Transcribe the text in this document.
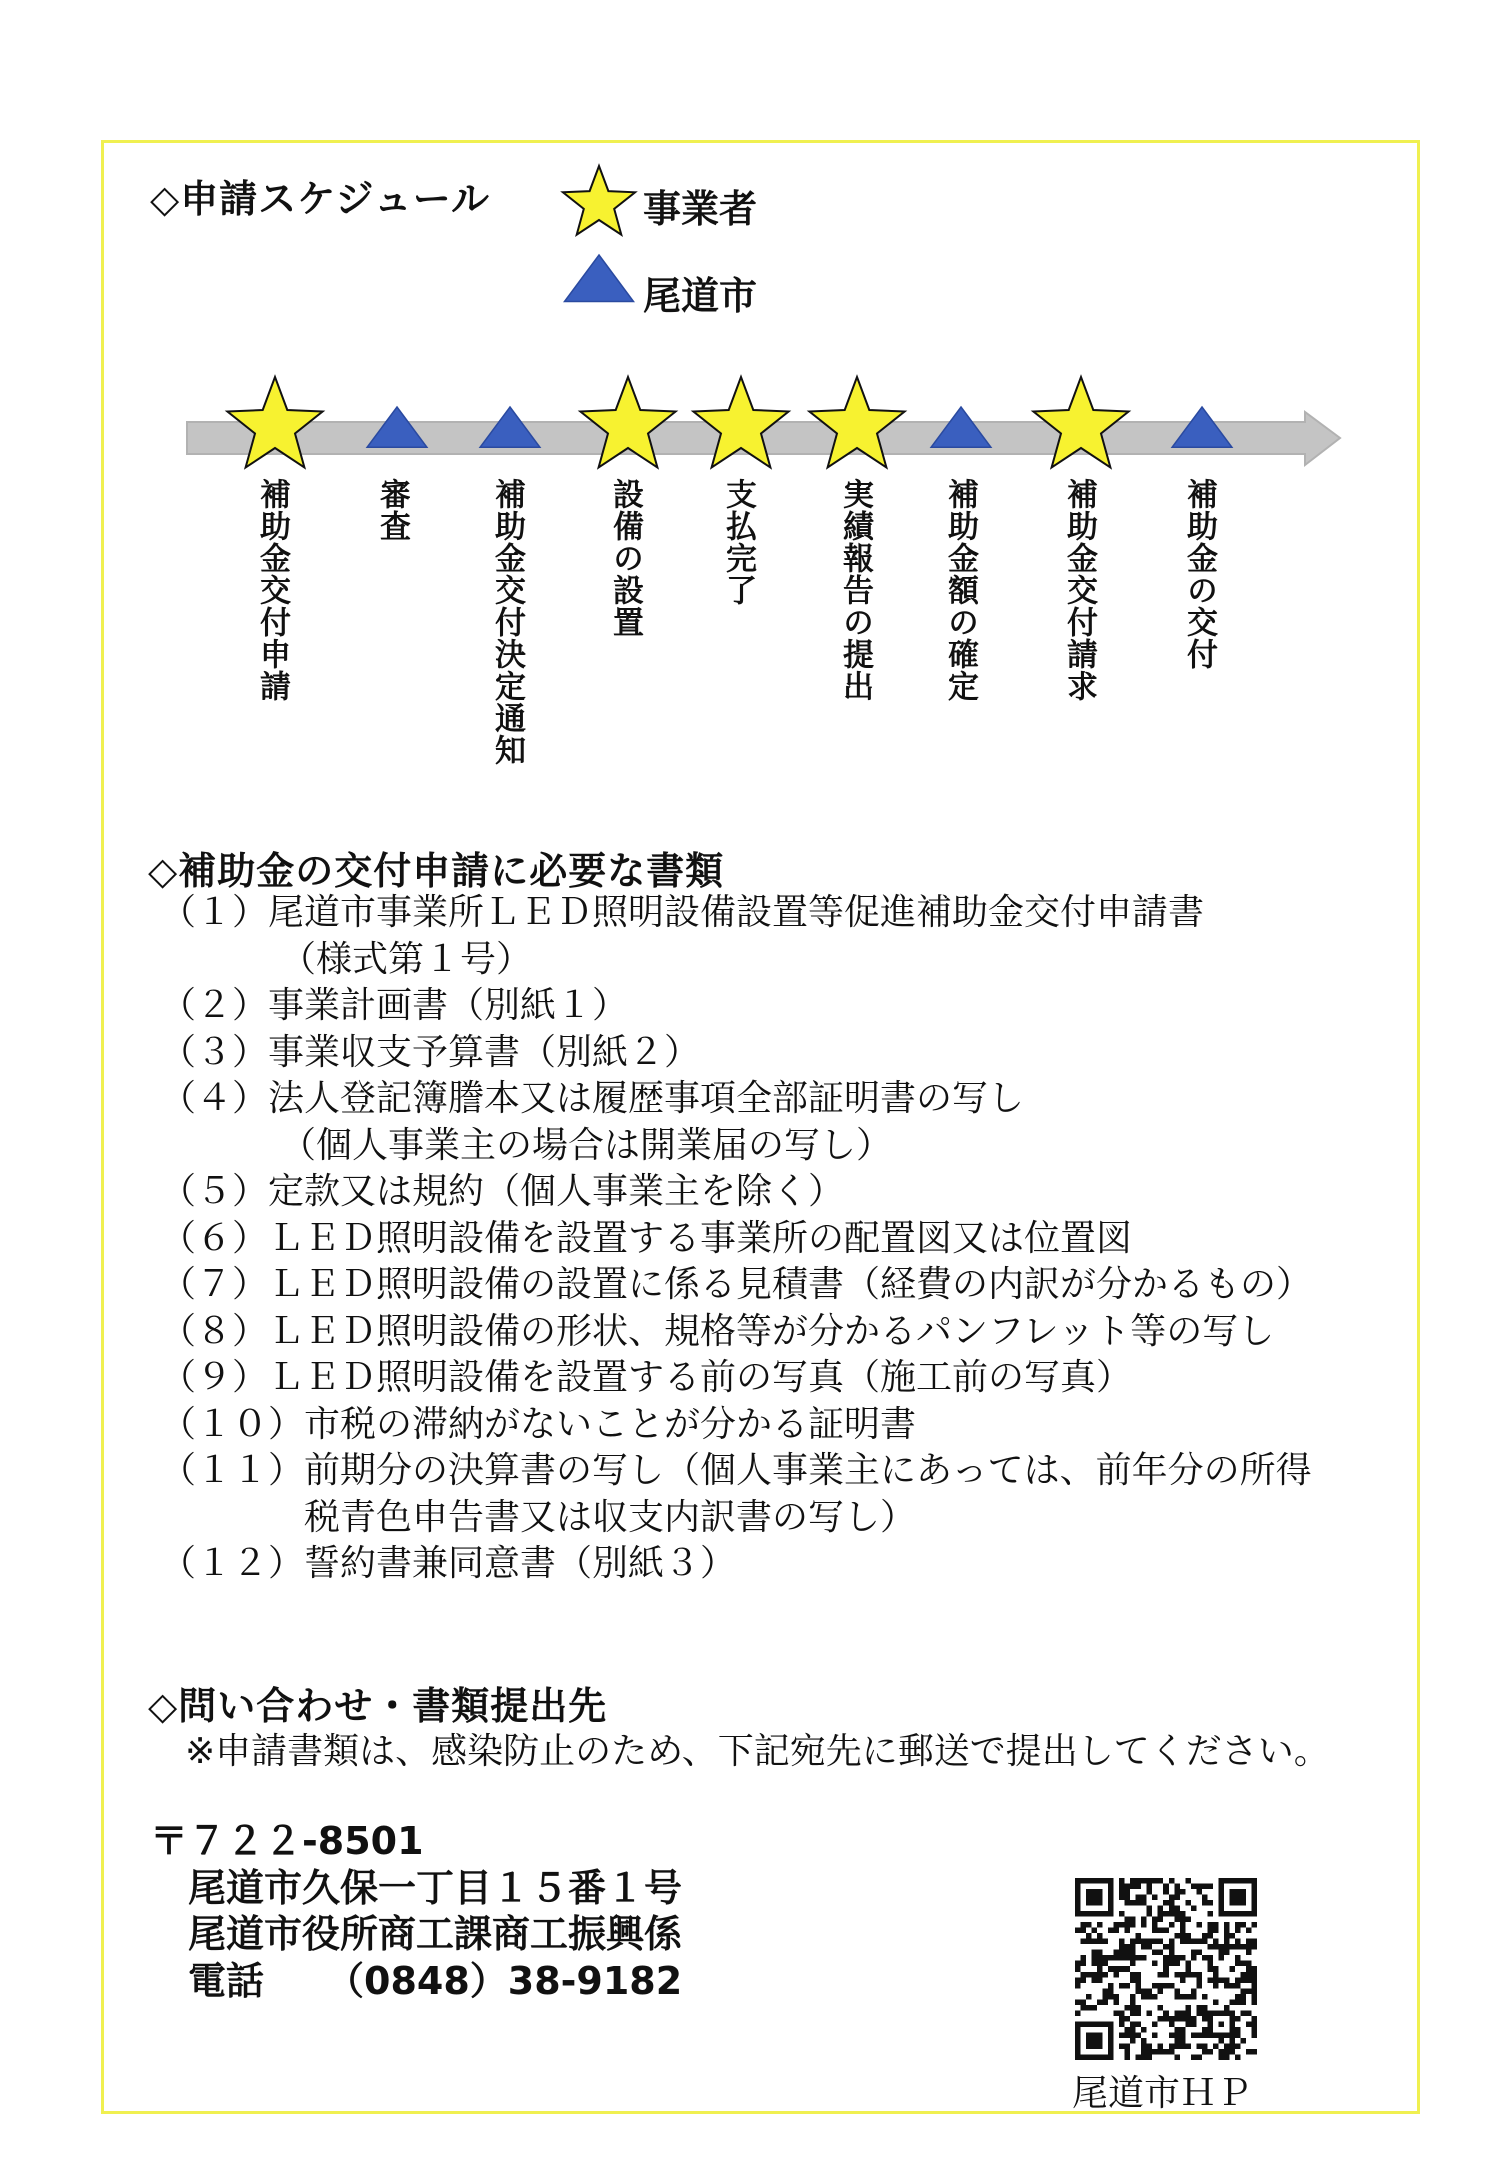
◇申請スケジュール	事業者
尾道市
補助金交付申請	審査	補助金交付決定通知	設備の設置 支払完了	実績報告の提出 補助金額の確定	補助金交付請求	補助金の交付
◇補助金の交付申請に必要な書類
（１） 尾道市事業所ＬＥＤ照明設備設置等促進補助金交付申請書
（様式第１号）
（２） 事業計画書（別紙１）
（３） 事業収支予算書（別紙２）
（４） 法人登記簿謄本又は履歴事項全部証明書の写し
（個人事業主の場合は開業届の写し）
（５） 定款又は規約（個人事業主を除く）
（６） ＬＥＤ照明設備を設置する事業所の配置図又は位置図
（７） ＬＥＤ照明設備の設置に係る見積書（経費の内訳が分かるもの）
（８） ＬＥＤ照明設備の形状、規格等が分かるパンフレット等の写し
（９） ＬＥＤ照明設備を設置する前の写真（施工前の写真）
（１０） 市税の滞納がないことが分かる証明書
（１１） 前期分の決算書の写し（個人事業主にあっては、前年分の所得税青色申告書又は収支内訳書の写し）
（１２） 誓約書兼同意書（別紙３）
◇問い合わせ・書類提出先
※申請書類は、感染防止のため、下記宛先に郵送で提出してください。
〒７２２-8501
尾道市久保一丁目１５番１号
尾道市役所商工課商工振興係
電話 （0848）38-9182
尾道市ＨＰ
